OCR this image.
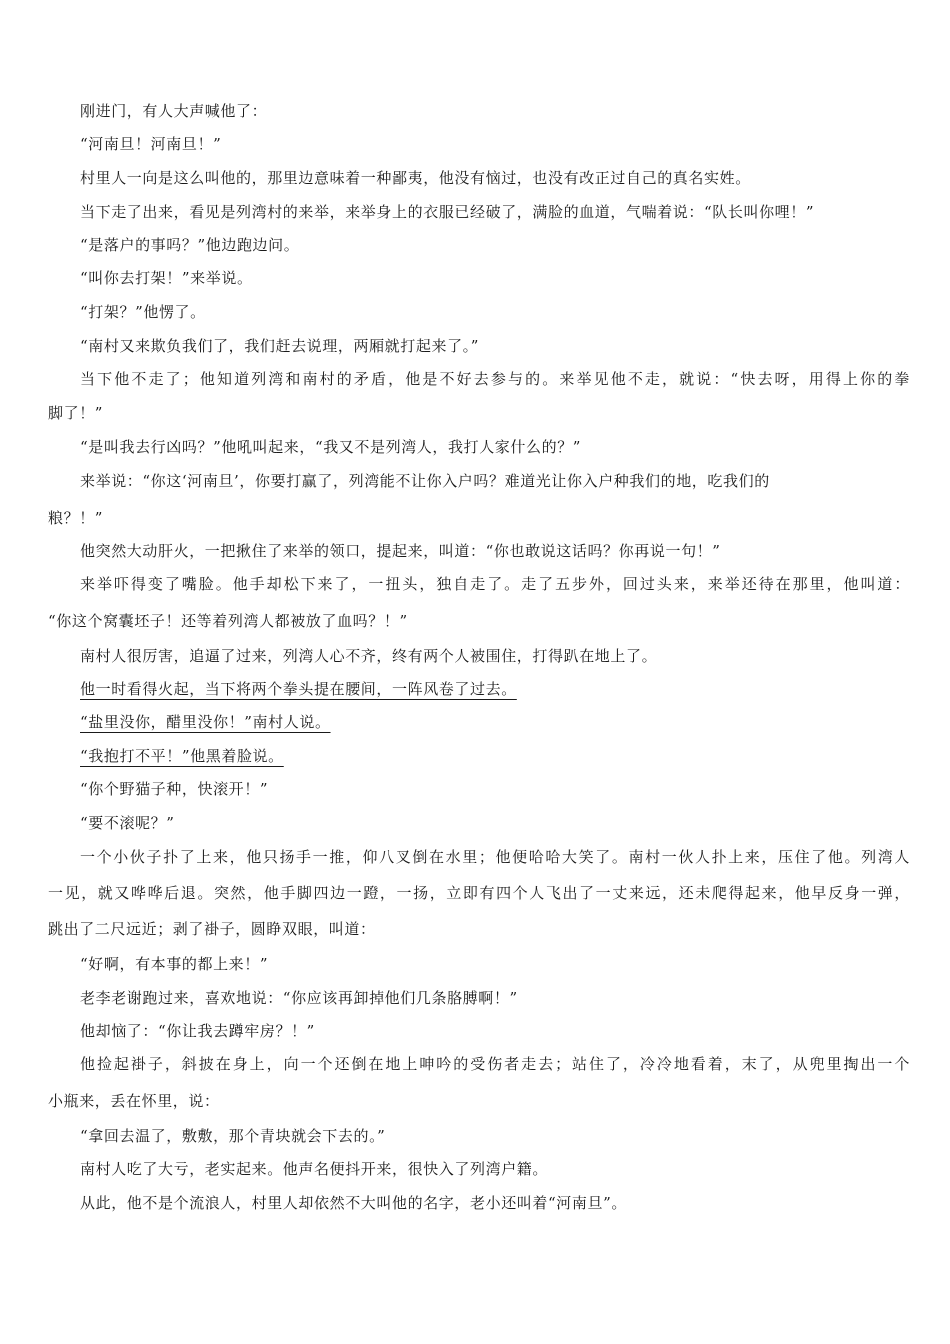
刚进门，有人大声喊他了：
“河南旦！河南旦！”
村里人一向是这么叫他的，那里边意味着一种鄙夷，他没有恼过，也没有改正过自己的真名实姓。
当下走了出来，看见是列湾村的来举，来举身上的衣服已经破了，满脸的血道，气喘着说：“队长叫你哩！”
“是落户的事吗？”他边跑边问。
“叫你去打架！”来举说。
“打架？”他愣了。
“南村又来欺负我们了，我们赶去说理，两厢就打起来了。”
当下他不走了；他知道列湾和南村的矛盾，他是不好去参与的。来举见他不走，就说：“快去呀，用得上你的拳
脚了！”
“是叫我去行凶吗？”他吼叫起来，“我又不是列湾人，我打人家什么的？”
来举说：“你这‘河南旦’，你要打赢了，列湾能不让你入户吗？难道光让你入户种我们的地，吃我们的
粮？！”
他突然大动肝火，一把揪住了来举的领口，提起来，叫道：“你也敢说这话吗？你再说一句！”
来举吓得变了嘴脸。他手却松下来了，一扭头，独自走了。走了五步外，回过头来，来举还待在那里，他叫道：
“你这个窝囊坯子！还等着列湾人都被放了血吗？！”
南村人很厉害，追逼了过来，列湾人心不齐，终有两个人被围住，打得趴在地上了。
他一时看得火起，当下将两个拳头提在腰间，一阵风卷了过去。
“盐里没你，醋里没你！”南村人说。
“我抱打不平！”他黑着脸说。
“你个野猫子种，快滚开！”
“要不滚呢？”
一个小伙子扑了上来，他只扬手一推，仰八叉倒在水里；他便哈哈大笑了。南村一伙人扑上来，压住了他。列湾人
一见，就又哗哗后退。突然，他手脚四边一蹬，一扬，立即有四个人飞出了一丈来远，还未爬得起来，他早反身一弹，
跳出了二尺远近；剥了褂子，圆睁双眼，叫道：
“好啊，有本事的都上来！”
老李老谢跑过来，喜欢地说：“你应该再卸掉他们几条胳膊啊！”
他却恼了：“你让我去蹲牢房？！”
他捡起褂子，斜披在身上，向一个还倒在地上呻吟的受伤者走去；站住了，冷冷地看着，末了，从兜里掏出一个
小瓶来，丢在怀里，说：
“拿回去温了，敷敷，那个青块就会下去的。”
南村人吃了大亏，老实起来。他声名便抖开来，很快入了列湾户籍。
从此，他不是个流浪人，村里人却依然不大叫他的名字，老小还叫着“河南旦”。
